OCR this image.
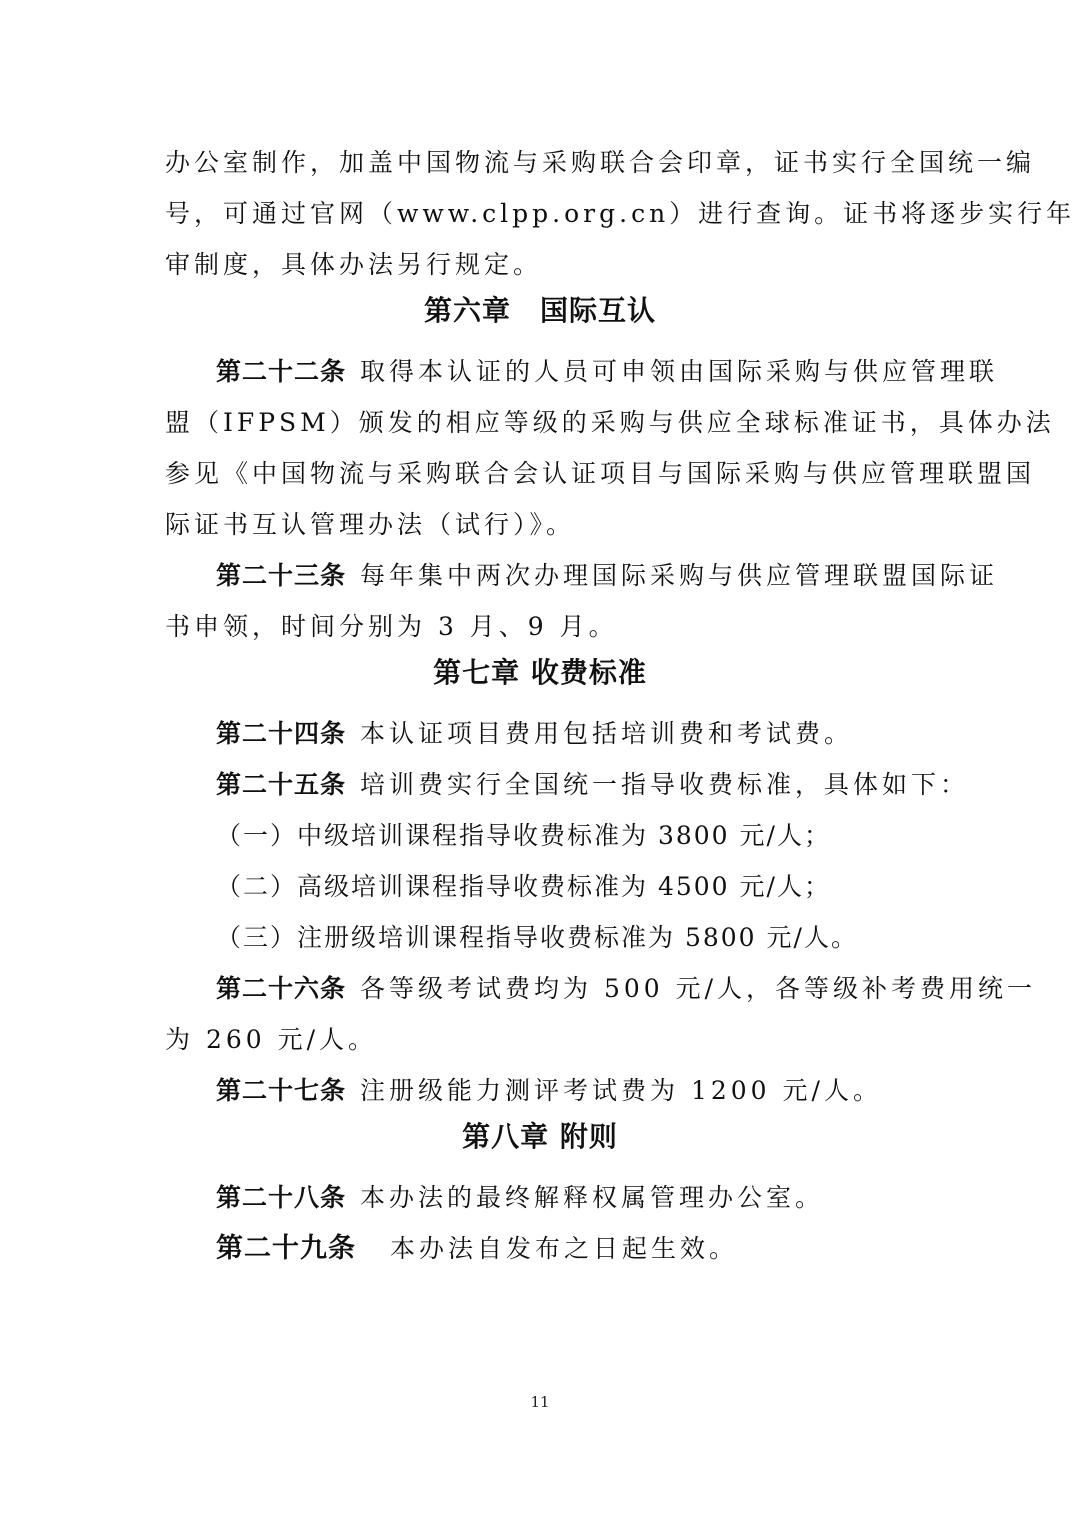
办公室制作，加盖中国物流与采购联合会印章，证书实行全国统一编
号，可通过官网（www.clpp.org.cn）进行查询。证书将逐步实行年
审制度，具体办法另行规定。
第六章　国际互认
第二十二条 取得本认证的人员可申领由国际采购与供应管理联
盟（IFPSM）颁发的相应等级的采购与供应全球标准证书，具体办法
参见《中国物流与采购联合会认证项目与国际采购与供应管理联盟国
际证书互认管理办法（试行）》。
第二十三条 每年集中两次办理国际采购与供应管理联盟国际证
书申领，时间分别为 3 月、9 月。
第七章 收费标准
第二十四条 本认证项目费用包括培训费和考试费。
第二十五条 培训费实行全国统一指导收费标准，具体如下：
（一）中级培训课程指导收费标准为 3800 元/人；
（二）高级培训课程指导收费标准为 4500 元/人；
（三）注册级培训课程指导收费标准为 5800 元/人。
第二十六条 各等级考试费均为 500 元/人，各等级补考费用统一
为 260 元/人。
第二十七条 注册级能力测评考试费为 1200 元/人。
第八章 附则
第二十八条 本办法的最终解释权属管理办公室。
第二十九条 本办法自发布之日起生效。
11
